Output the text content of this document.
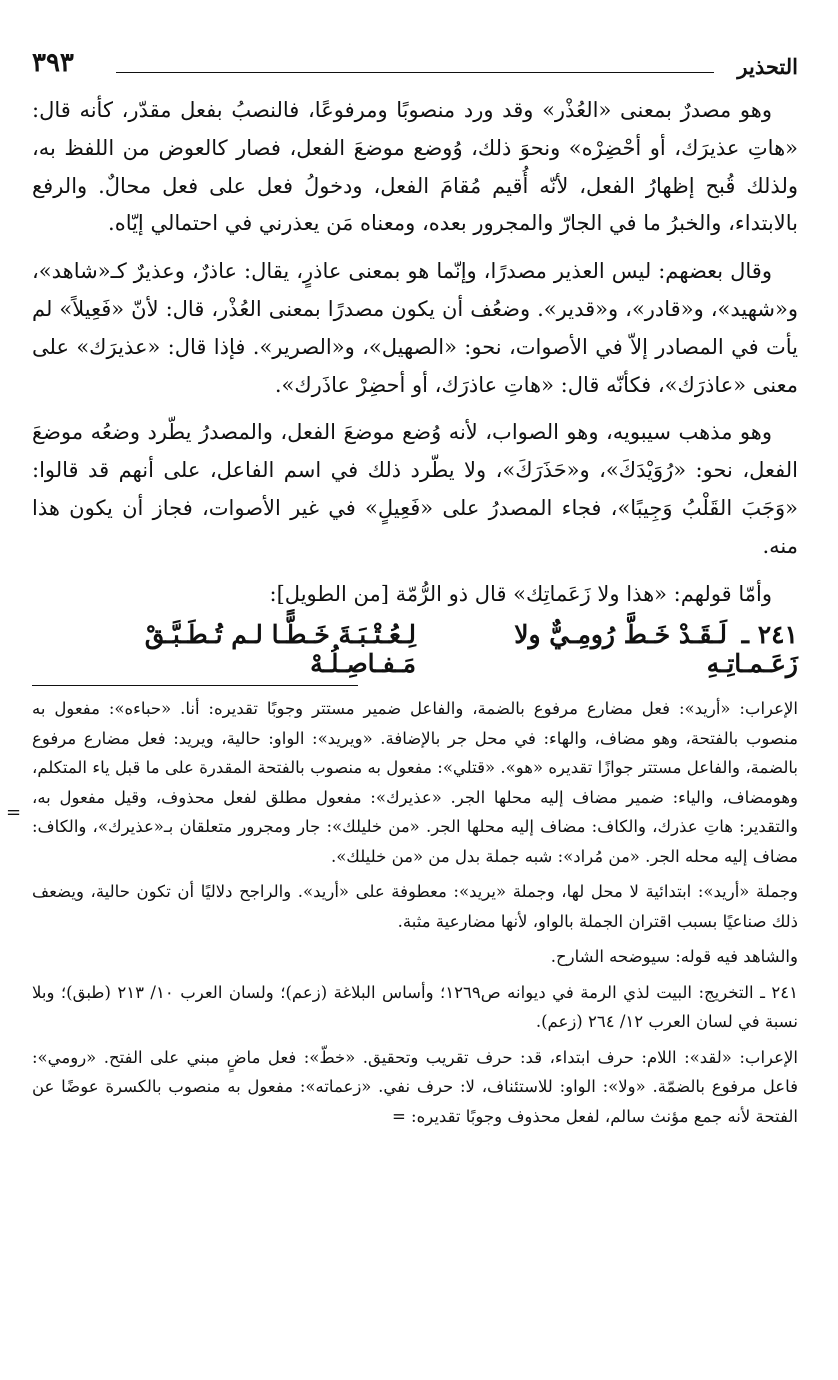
التحذير
٣٩٣

وهو مصدرٌ بمعنى «العُذْر» وقد ورد منصوبًا ومرفوعًا، فالنصبُ بفعل مقدّر، كأنه قال: «هاتِ عذيرَك، أو أحْضِرْه» ونحوَ ذلك، وُوضع موضعَ الفعل، فصار كالعوض من اللفظ به، ولذلك قُبح إظهارُ الفعل، لأنّه أُقيم مُقامَ الفعل، ودخولُ فعل على فعل محالٌ. والرفع بالابتداء، والخبرُ ما في الجارّ والمجرور بعده، ومعناه مَن يعذرني في احتمالي إيّاه.

وقال بعضهم: ليس العذير مصدرًا، وإنّما هو بمعنى عاذرٍ، يقال: عاذرٌ، وعذيرٌ كـ«شاهد»، و«شهيد»، و«قادر»، و«قدير». وضعُف أن يكون مصدرًا بمعنى العُذْر، قال: لأنّ «فَعِيلاً» لم يأت في المصادر إلاّ في الأصوات، نحو: «الصهيل»، و«الصرير». فإذا قال: «عذيرَك» على معنى «عاذرَك»، فكأنّه قال: «هاتِ عاذرَك، أو أحضِرْ عاذَرك».

وهو مذهب سيبويه، وهو الصواب، لأنه وُضع موضعَ الفعل، والمصدرُ يطّرد وضعُه موضعَ الفعل، نحو: «رُوَيْدَكَ»، و«حَذَرَكَ»، ولا يطّرد ذلك في اسم الفاعل، على أنهم قد قالوا: «وَجَبَ القَلْبُ وَجِيبًا»، فجاء المصدرُ على «فَعِيلٍ» في غير الأصوات، فجاز أن يكون هذا منه.

وأمّا قولهم: «هذا ولا زَعَماتِك» قال ذو الرُّمّة [من الطويل]:

٢٤١ ـ لَـقَـدْ خَـطَّ رُومِـيٌّ ولا زَعَـمـاتِـهِ
لِـعُـتْـبَـةَ خَـطًّـا لـم تُـطَـبَّـقْ مَـفـاصِـلُـهْ
=

الإعراب: «أريد»: فعل مضارع مرفوع بالضمة، والفاعل ضمير مستتر وجوبًا تقديره: أنا. «حباءه»: مفعول به منصوب بالفتحة، وهو مضاف، والهاء: في محل جر بالإضافة. «ويريد»: الواو: حالية، ويريد: فعل مضارع مرفوع بالضمة، والفاعل مستتر جوازًا تقديره «هو». «قتلي»: مفعول به منصوب بالفتحة المقدرة على ما قبل ياء المتكلم، وهومضاف، والياء: ضمير مضاف إليه محلها الجر. «عذيرك»: مفعول مطلق لفعل محذوف، وقيل مفعول به، والتقدير: هاتِ عذرك، والكاف: مضاف إليه محلها الجر. «من خليلك»: جار ومجرور متعلقان بـ«عذيرك»، والكاف: مضاف إليه محله الجر. «من مُراد»: شبه جملة بدل من «من خليلك».

وجملة «أريد»: ابتدائية لا محل لها، وجملة «يريد»: معطوفة على «أريد». والراجح دلاليًا أن تكون حالية، ويضعف ذلك صناعيًا بسبب اقتران الجملة بالواو، لأنها مضارعية مثبة.

والشاهد فيه قوله: سيوضحه الشارح.

٢٤١ ـ التخريج: البيت لذي الرمة في ديوانه ص١٢٦٩؛ وأساس البلاغة (زعم)؛ ولسان العرب ١٠/ ٢١٣ (طبق)؛ وبلا نسبة في لسان العرب ١٢/ ٢٦٤ (زعم).

الإعراب: «لقد»: اللام: حرف ابتداء، قد: حرف تقريب وتحقيق. «خطّ»: فعل ماضٍ مبني على الفتح. «رومي»: فاعل مرفوع بالضمّة. «ولا»: الواو: للاستئناف، لا: حرف نفي. «زعماته»: مفعول به منصوب بالكسرة عوضًا عن الفتحة لأنه جمع مؤنث سالم، لفعل محذوف وجوبًا تقديره: =
